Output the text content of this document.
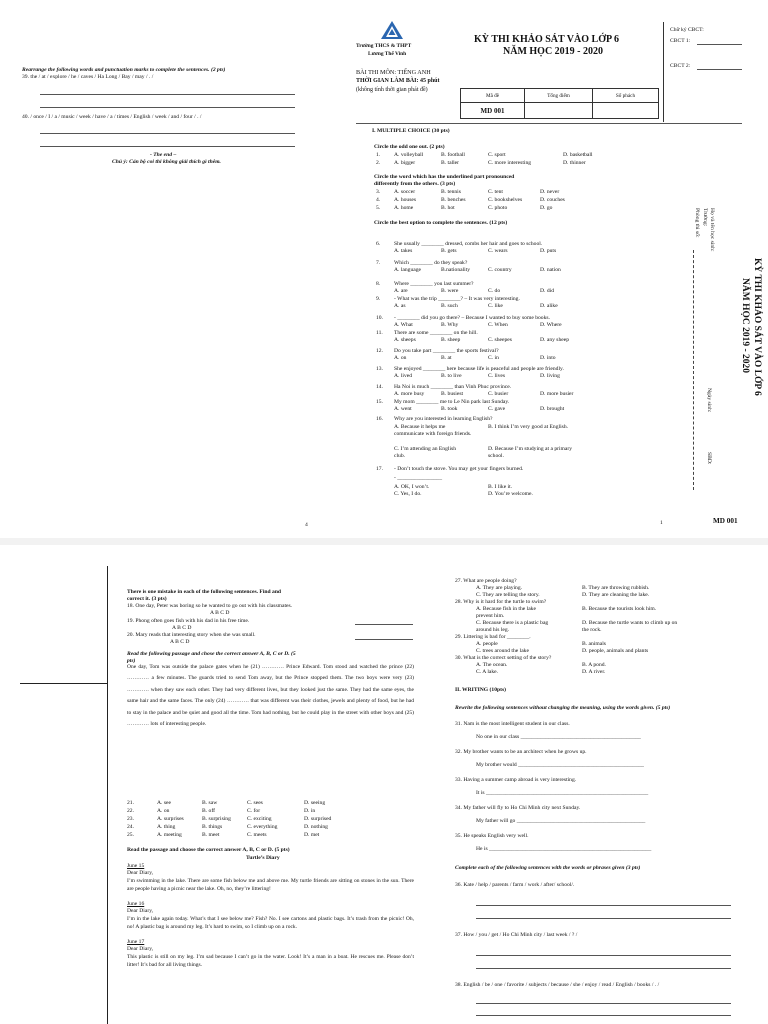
Rearrange the following words and punctuation marks to complete the sentences. (2 pts)
39. the / at / explore / he / caves / Ha Long / Bay / may / . /
40. / once / I / a / music / week / have / a / times / English / week / and / four / . /
- The end –
Chú ý: Cán bộ coi thi không giải thích gì thêm.
4
Trường THCS & THPT
Lương Thế Vinh
KỲ THI KHẢO SÁT VÀO LỚP 6
NĂM HỌC 2019 - 2020
BÀI THI MÔN: TIẾNG ANH
THỜI GIAN LÀM BÀI: 45 phút
(không tính thời gian phát đề)
Mã đề	Tổng điểm	Số phách
MD 001		
Chữ ký CBCT:
CBCT 1:
CBCT 2:
I. MULTIPLE CHOICE (30 pts)
Circle the odd one out. (2 pts)
1. A. volleyball	B. football	C. sport	D. basketball
2. A. bigger	B. taller	C. more interesting	D. thinner
Circle the word which has the underlined part pronounced
differently from the others. (3 pts)
3. A. soccer	B. tennis	C. tent	D. never
4. A. houses	B. benches	C. bookshelves	D. couches
5. A. home	B. hot	C. photo	D. go
Circle the best option to complete the sentences. (12 pts)
6. She usually ________ dressed, combs her hair and goes to school.
A. takes	B. gets	C. wears	D. puts
7. Which ________ do they speak?
A. language	B.nationality	C. country	D. nation
8. Where ________ you last summer?
A. are	B. were	C. do	D. did
9. - What was the trip ________? – It was very interesting.
A. as	B. such	C. like	D. alike
10. - ________ did you go there? – Because I wanted to buy some books.
A. What	B. Why	C. When	D. Where
11. There are some ________ on the hill.
A. sheeps	B. sheep	C. sheepes	D. any sheep
12. Do you take part ________ the sports festival?
A. on	B. at	C. in	D. into
13. She enjoyed ________ here because life is peaceful and people are friendly.
A. lived	B. to live	C. lives	D. living
14. Ha Noi is much ________ than Vinh Phuc province.
A. more busy	B. busiest	C. busier	D. more busier
15. My mom ________ me to Le Nin park last Sunday.
A. went	B. took	C. gave	D. brought
16. Why are you interested in learning English?
A. Because it helps me	B. I think I’m very good at English.
communicate with foreign friends.
C. I’m attending an English	D. Because I’m studying at a primary
club.	school.
17. - Don’t touch the stove. You may get your fingers burned.
- ________________
A. OK, I won’t.	B. I like it.
C. Yes, I do.	D. You’re welcome.
KỲ THI KHẢO SÁT VÀO LỚP 6
NĂM HỌC 2019 - 2020
Họ và tên học sinh:
Trường:
Phòng thi số:
Ngày sinh:
SBD:
1	MD 001
There is one mistake in each of the following sentences. Find and
correct it. (3 pts)
18. One day, Peter was boring so he wanted to go out with his classmates.
A B C D
19. Phong often goes fish with his dad in his free time.
A B C D
20. Mary reads that interesting story when she was small.
A B C D
Read the following passage and chose the correct answer A, B, C or D. (5
pts)
One day, Tom was outside the palace gates when he (21) ………… Prince Edward. Tom stood and watched the prince (22) ………… a few minutes. The guards tried to send Tom away, but the Prince stopped them. The two boys were very (23) ………… when they saw each other. They had very different lives, but they looked just the same. They had the same eyes, the same hair and the same faces. The only (24) ………… that was different was their clothes, jewels and plenty of food, but he had to stay in the palace and be quiet and good all the time. Tom had nothing, but he could play in the street with other boys and (25) ………… lots of interesting people.
21.	A. see	B. saw	C. sees	D. seeing
22.	A. on	B. off	C. for	D. in
23.	A. surprises	B. surprising	C. exciting	D. surprised
24.	A. thing	B. things	C. everything	D. nothing
25.	A. meeting	B. meet	C. meets	D. met
Read the passage and choose the correct answer A, B, C or D. (5 pts)
Turtle’s Diary
June 15
Dear Diary,
I’m swimming in the lake. There are some fish below me and above me. My turtle friends are sitting on stones in the sun. There are people having a picnic near the lake. Oh, no, they’re littering!
June 16
Dear Diary,
I’m in the lake again today. What’s that I see below me? Fish? No. I see cartons and plastic bags. It’s trash from the picnic! Oh, no! A plastic bag is around my leg. It’s hard to swim, so I climb up on a rock.
June 17
Dear Diary,
This plastic is still on my leg. I’m sad because I can’t go in the water. Look! It’s a man in a boat. He rescues me. Please don’t litter! It’s bad for all living things.
27. What are people doing?
A. They are playing.	B. They are throwing rubbish.
C. They are telling the story.	D. They are cleaning the lake.
28. Why is it hard for the turtle to swim?
A. Because fish in the lake	B. Because the tourists look him.
prevent him.
C. Because there is a plastic bag	D. Because the turtle wants to climb up on
around his leg.	the rock.
29. Littering is bad for ________.
A. people	B. animals
C. trees around the lake	D. people, animals and plants
30. What is the correct setting of the story?
A. The ocean.	B. A pond.
C. A lake.	D. A river.
II. WRITING (10pts)
Rewrite the following sentences without changing the meaning, using the words given. (5 pts)
31. Nam is the most intelligent student in our class.
No one in our class ___________________________________________
32. My brother wants to be an architect when he grows up.
My brother would _____________________________________________
33. Having a summer camp abroad is very interesting.
It is __________________________________________________________
34. My father will fly to Ho Chi Minh city next Sunday.
My father will go ______________________________________________
35. He speaks English very well.
He is __________________________________________________________
Complete each of the following sentences with the words or phrases given (3 pts)
36. Kate / help / parents / farm / work / after/ school/.
37. How / you / get / Ho Chi Minh city / last week / ? /
38. English / be / one / favorite / subjects / because / she / enjoy / read / English / books / . /
